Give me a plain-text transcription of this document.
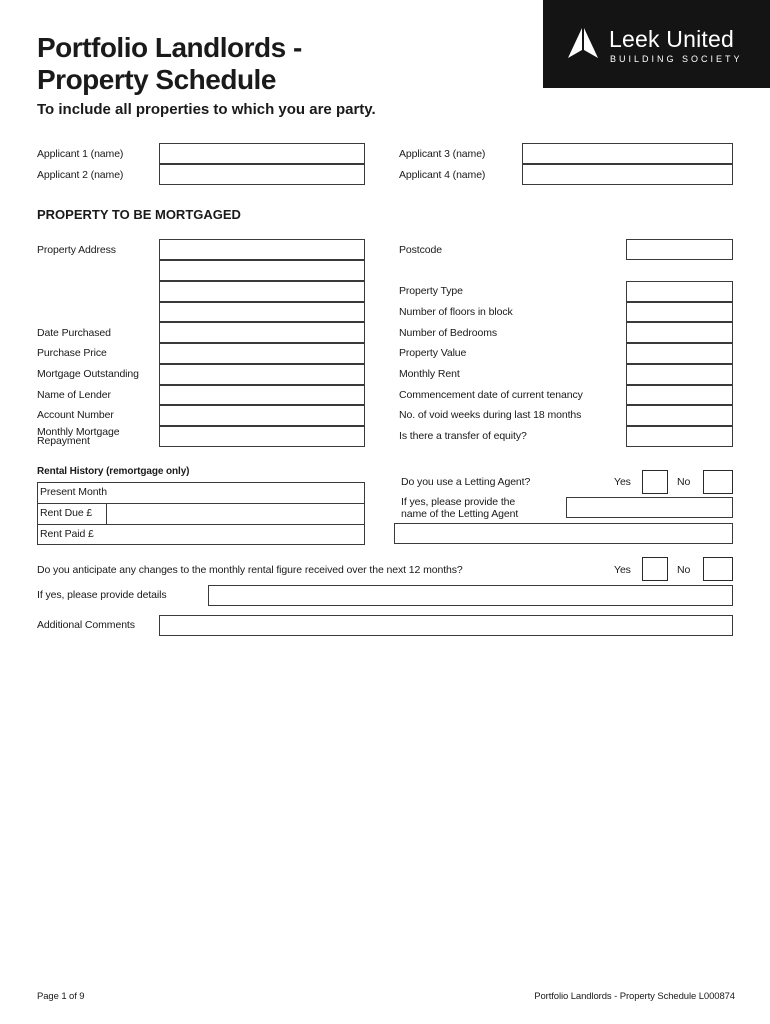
Leek United
BUILDING SOCIETY
Portfolio Landlords -
Property Schedule
To include all properties to which you are party.
Applicant 1 (name)
Applicant 2 (name)
Applicant 3 (name)
Applicant 4 (name)
PROPERTY TO BE MORTGAGED
Property Address
Date Purchased
Purchase Price
Mortgage Outstanding
Name of Lender
Account Number
Monthly Mortgage
Repayment
Postcode
Property Type
Number of floors in block
Number of Bedrooms
Property Value
Monthly Rent
Commencement date of current tenancy
No. of void weeks during last 18 months
Is there a transfer of equity?
Rental History (remortgage only)
Present Month
Rent Due £
Rent Paid £
Do you use a Letting Agent?	Yes	No
If yes, please provide the
name of the Letting Agent
Do you anticipate any changes to the monthly rental figure received over the next 12 months?	Yes	No
If yes, please provide details
Additional Comments
Page 1 of 9	Portfolio Landlords - Property Schedule L000874
